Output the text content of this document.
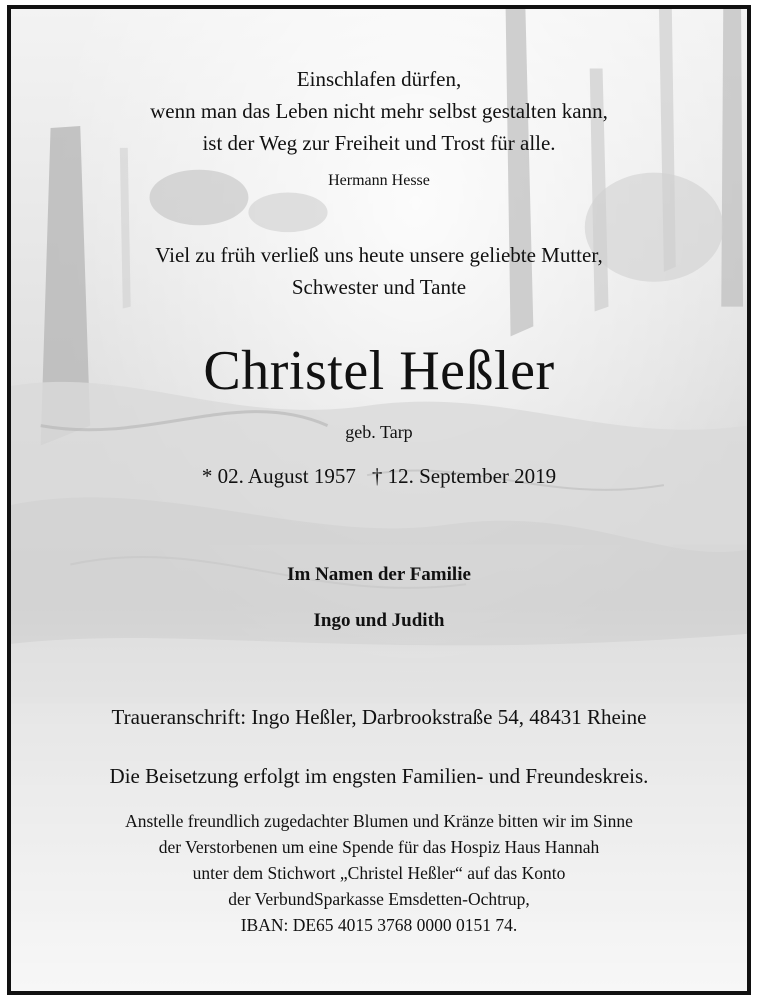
Einschlafen dürfen,
wenn man das Leben nicht mehr selbst gestalten kann,
ist der Weg zur Freiheit und Trost für alle.
Hermann Hesse
Viel zu früh verließ uns heute unsere geliebte Mutter,
Schwester und Tante
Christel Heßler
geb. Tarp
* 02. August 1957 † 12. September 2019
Im Namen der Familie
Ingo und Judith
Traueranschrift: Ingo Heßler, Darbrookstraße 54, 48431 Rheine
Die Beisetzung erfolgt im engsten Familien- und Freundeskreis.
Anstelle freundlich zugedachter Blumen und Kränze bitten wir im Sinne
der Verstorbenen um eine Spende für das Hospiz Haus Hannah
unter dem Stichwort „Christel Heßler“ auf das Konto
der VerbundSparkasse Emsdetten-Ochtrup,
IBAN: DE65 4015 3768 0000 0151 74.
